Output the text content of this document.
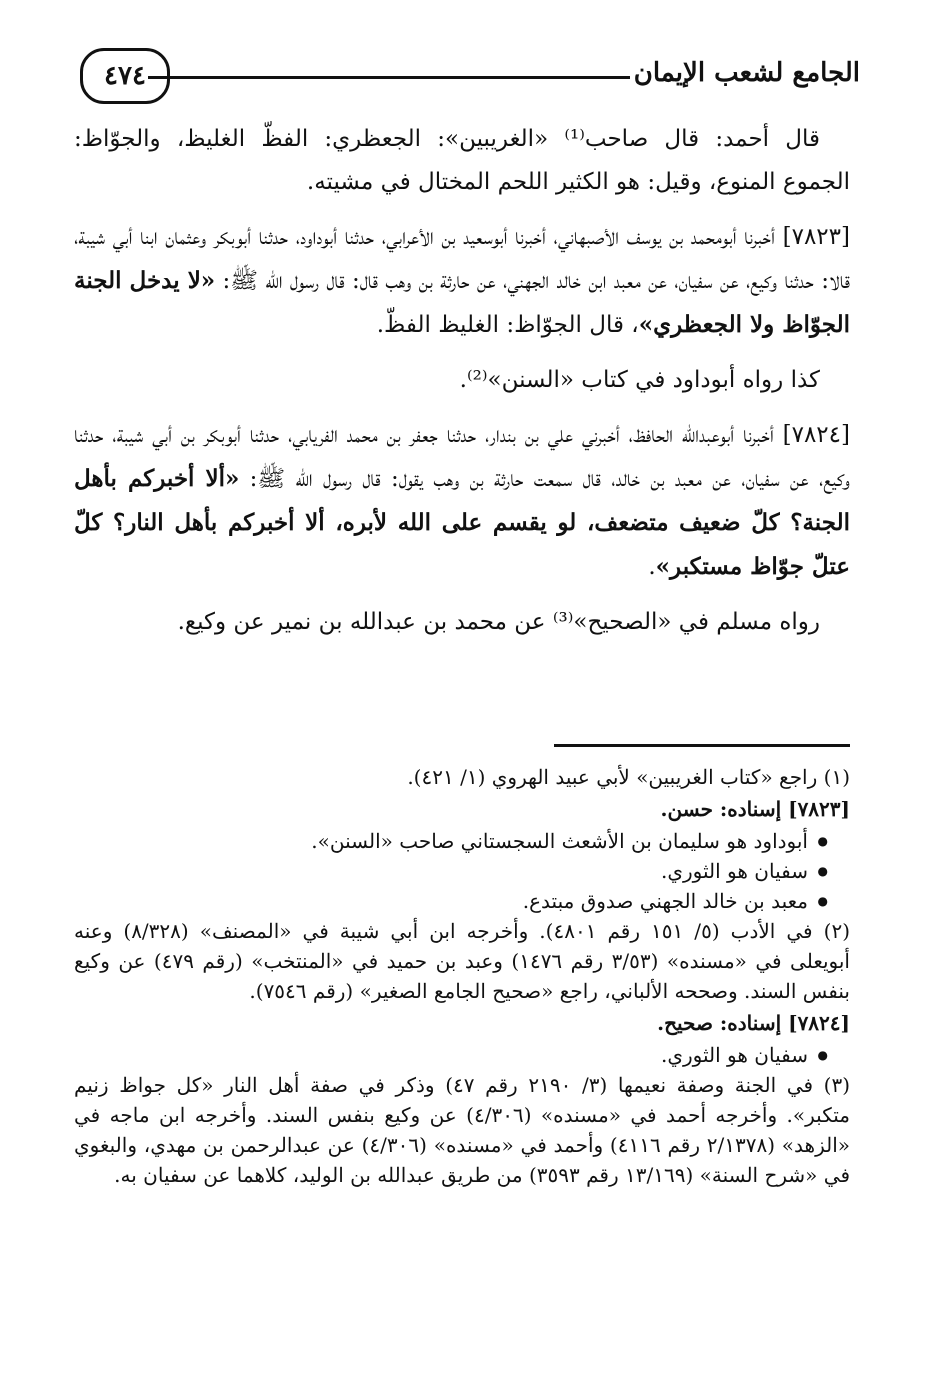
الجامع لشعب الإيمان
٤٧٤

قال أحمد: قال صاحب⁽¹⁾ «الغريبين»: الجعظري: الفظّ الغليظ، والجوّاظ: الجموع المنوع، وقيل: هو الكثير اللحم المختال في مشيته.

[٧٨٢٣] أخبرنا أبومحمد بن يوسف الأصبهاني، أخبرنا أبوسعيد بن الأعرابي، حدثنا أبوداود، حدثنا أبوبكر وعثمان ابنا أبي شيبة، قالا: حدثنا وكيع، عن سفيان، عن معبد ابن خالد الجهني، عن حارثة بن وهب قال: قال رسول الله ﷺ: «لا يدخل الجنة الجوّاظ ولا الجعظري»، قال الجوّاظ: الغليظ الفظّ.

كذا رواه أبوداود في كتاب «السنن»⁽²⁾.

[٧٨٢٤] أخبرنا أبوعبدالله الحافظ، أخبرني علي بن بندار، حدثنا جعفر بن محمد الفريابي، حدثنا أبوبكر بن أبي شيبة، حدثنا وكيع، عن سفيان، عن معبد بن خالد، قال سمعت حارثة بن وهب يقول: قال رسول الله ﷺ: «ألا أخبركم بأهل الجنة؟ كلّ ضعيف متضعف، لو يقسم على الله لأبره، ألا أخبركم بأهل النار؟ كلّ عتلّ جوّاظ مستكبر».

رواه مسلم في «الصحيح»⁽³⁾ عن محمد بن عبدالله بن نمير عن وكيع.

(١) راجع «كتاب الغريبين» لأبي عبيد الهروي (١/ ٤٢١).

[٧٨٢٣] إسناده: حسن.

● أبوداود هو سليمان بن الأشعث السجستاني صاحب «السنن».
● سفيان هو الثوري.
● معبد بن خالد الجهني صدوق مبتدع.

(٢) في الأدب (٥/ ١٥١ رقم ٤٨٠١). وأخرجه ابن أبي شيبة في «المصنف» (٨/٣٢٨) وعنه أبويعلى في «مسنده» (٣/٥٣ رقم ١٤٧٦) وعبد بن حميد في «المنتخب» (رقم ٤٧٩) عن وكيع بنفس السند. وصححه الألباني، راجع «صحيح الجامع الصغير» (رقم ٧٥٤٦).

[٧٨٢٤] إسناده: صحيح.

● سفيان هو الثوري.

(٣) في الجنة وصفة نعيمها (٣/ ٢١٩٠ رقم ٤٧) وذكر في صفة أهل النار «كل جواظ زنيم متكبر». وأخرجه أحمد في «مسنده» (٤/٣٠٦) عن وكيع بنفس السند. وأخرجه ابن ماجه في «الزهد» (٢/١٣٧٨ رقم ٤١١٦) وأحمد في «مسنده» (٤/٣٠٦) عن عبدالرحمن بن مهدي، والبغوي في «شرح السنة» (١٣/١٦٩ رقم ٣٥٩٣) من طريق عبدالله بن الوليد، كلاهما عن سفيان به.
